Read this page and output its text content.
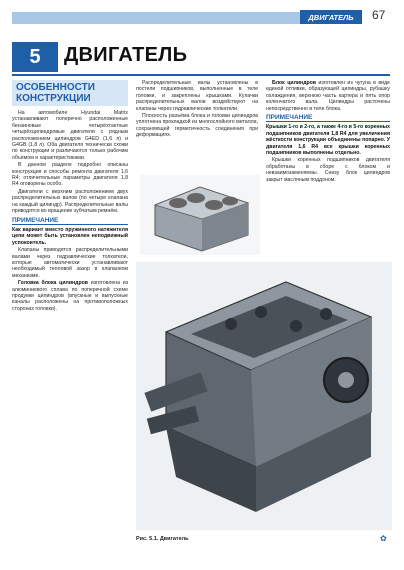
ДВИГАТЕЛЬ	67
5	ДВИГАТЕЛЬ
ОСОБЕННОСТИ КОНСТРУКЦИИ

На автомобиле Hyundai Matrix устанавливают поперечно расположенные бензиновые четырёхтактные четырёхцилиндровые двигатели с рядным расположением цилиндров G4ED (1,6 л) и G4GB (1,8 л). Оба двигателя технически схожи по конструкции и различаются только рабочим объёмом и характеристиками.

В данном разделе подробно описаны конструкция и способы ремонта двигателя 1,6 R4; отличительные параметры двигателя 1,8 R4 оговорены особо.

Двигатели с верхним расположением двух распределительных валов (по четыре клапана на каждый цилиндр). Распределительные валы приводятся во вращение зубчатым ремнём.

ПРИМЕЧАНИЕ

Как вариант вместо пружинного натяжителя цепи может быть установлен неподвижный успокоитель.

Клапаны приводятся распределительными валами через гидравлические толкатели, которые автоматически устанавливают необходимый тепловой зазор в клапанном механизме.

Головка блока цилиндров изготовлена из алюминиевого сплава по поперечной схеме продувки цилиндров (впускные и выпускные каналы расположены на противоположных сторонах головки).

Распределительные валы установлены в постели подшипников, выполненные в теле головки, и закреплены крышками. Кулачки распределительных валов воздействуют на клапаны через гидравлические толкатели.

Плоскость разъёма блока и головки цилиндров уплотнена прокладкой из многослойного металла, сохраняющей герметичность соединения при деформациях.

Блок цилиндров изготовлен из чугуна в виде единой отливки, образующей цилиндры, рубашку охлаждения, верхнюю часть картера и пять опор коленчатого вала. Цилиндры расточены непосредственно в теле блока.

ПРИМЕЧАНИЕ

Крышки 1-го и 2-го, а также 4-го и 5-го коренных подшипников двигателя 1,8 R4 для увеличения жёсткости конструкции объединены попарно. У двигателя 1,6 R4 все крышки коренных подшипников выполнены отдельно.

Крышки коренных подшипников двигателя обработаны в сборе с блоком и невзаимозаменяемы. Снизу блок цилиндров закрыт масляным поддоном.

Рис. 5.1. Двигатель	✿
